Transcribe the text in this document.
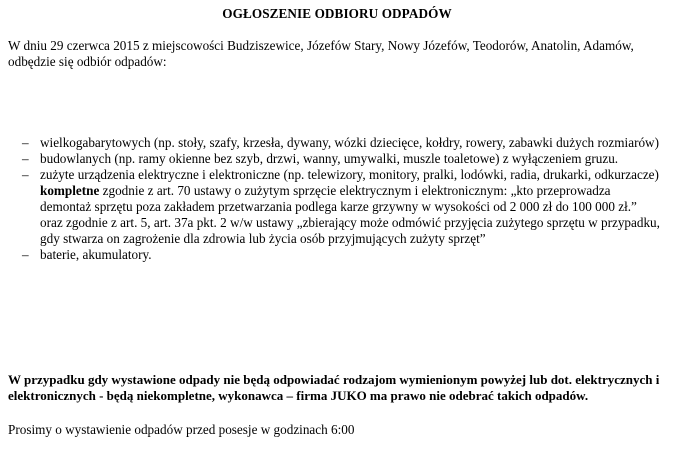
OGŁOSZENIE ODBIORU ODPADÓW
W dniu 29 czerwca 2015 z miejscowości Budziszewice, Józefów Stary, Nowy Józefów, Teodorów, Anatolin, Adamów, odbędzie się odbiór odpadów:
– wielkogabarytowych (np. stoły, szafy, krzesła, dywany, wózki dziecięce, kołdry, rowery, zabawki dużych rozmiarów)
– budowlanych (np. ramy okienne bez szyb, drzwi, wanny, umywalki, muszle toaletowe) z wyłączeniem gruzu.
– zużyte urządzenia elektryczne i elektroniczne (np. telewizory, monitory, pralki, lodówki, radia, drukarki, odkurzacze) kompletne zgodnie z art. 70 ustawy o zużytym sprzęcie elektrycznym i elektronicznym: „kto przeprowadza demontaż sprzętu poza zakładem przetwarzania podlega karze grzywny w wysokości od 2 000 zł do 100 000 zł.” oraz zgodnie z art. 5, art. 37a pkt. 2 w/w ustawy „zbierający może odmówić przyjęcia zużytego sprzętu w przypadku, gdy stwarza on zagrożenie dla zdrowia lub życia osób przyjmujących zużyty sprzęt”
– baterie, akumulatory.
W przypadku gdy wystawione odpady nie będą odpowiadać rodzajom wymienionym powyżej lub dot. elektrycznych i elektronicznych - będą niekompletne, wykonawca – firma JUKO ma prawo nie odebrać takich odpadów.
Prosimy o wystawienie odpadów przed posesje w godzinach 6:00
